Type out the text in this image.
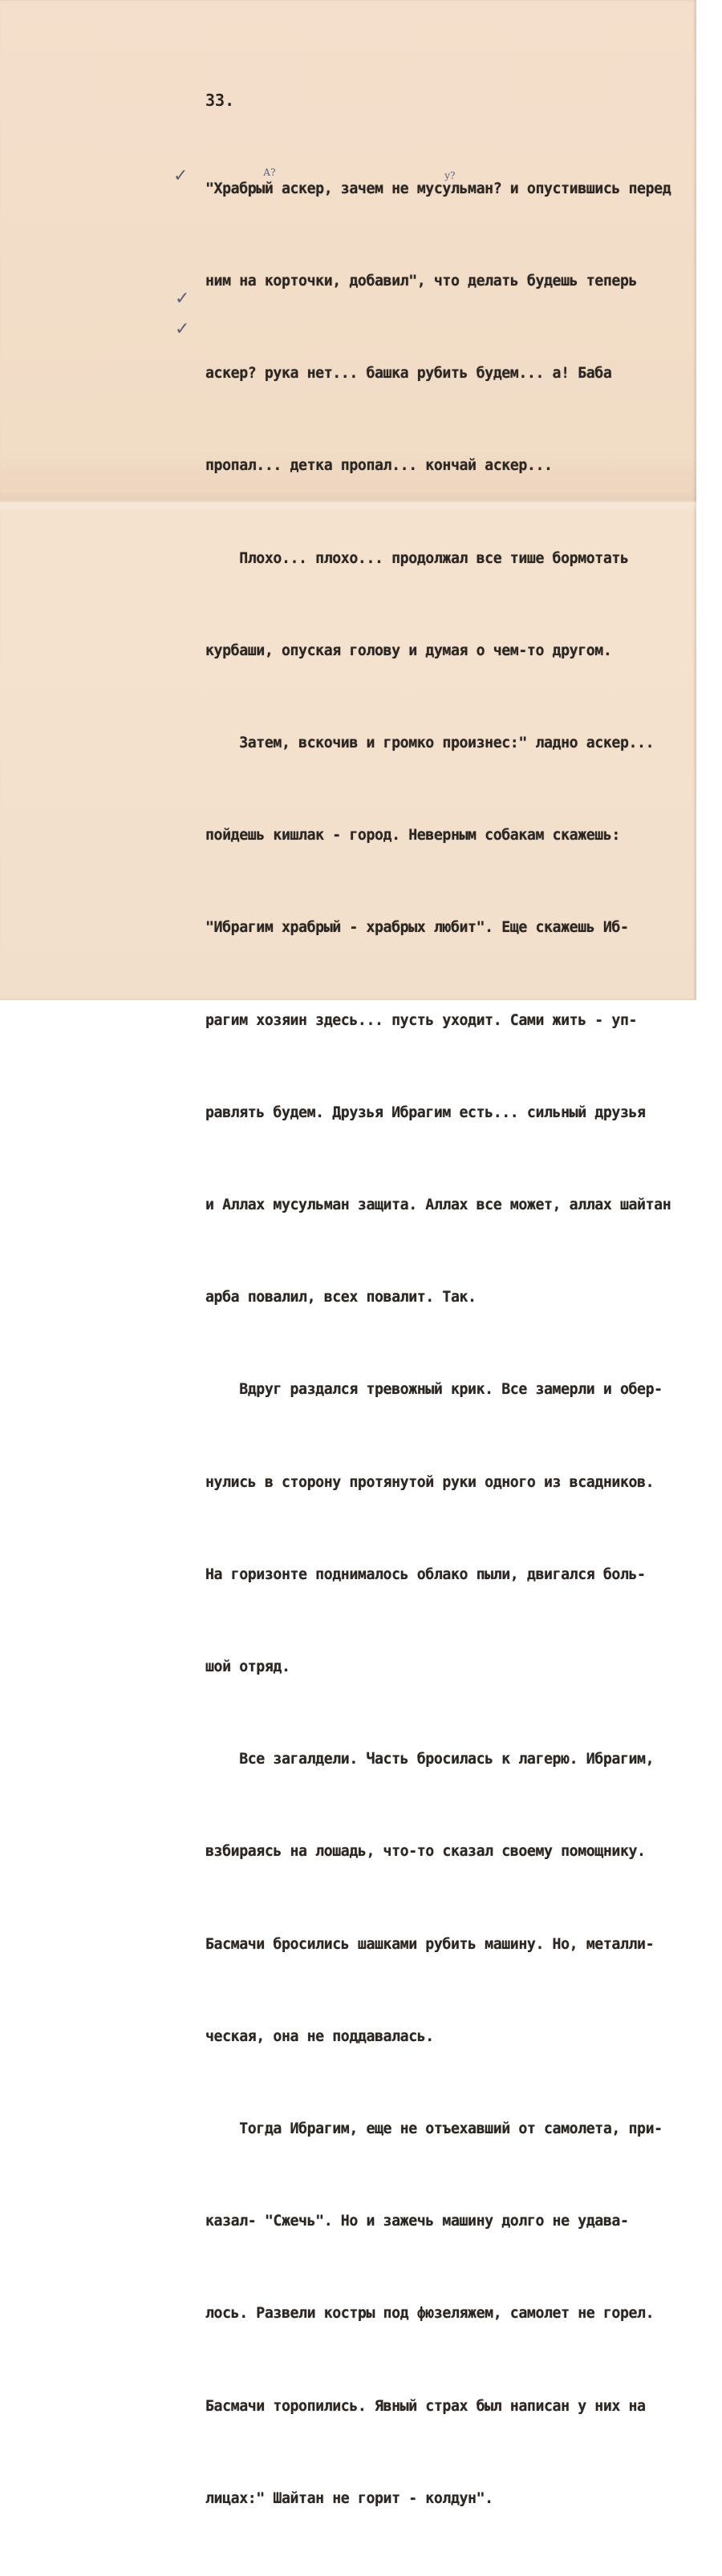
33.

"Храбрый аскер, зачем не мусульман? и опустившись перед

ним на корточки, добавил", что делать будешь теперь

аскер? рука нет... башка рубить будем... а! Баба

пропал... детка пропал... кончай аскер...

Плохо... плохо... продолжал все тише бормотать

курбаши, опуская голову и думая о чем-то другом.

Затем, вскочив и громко произнес:" ладно аскер...

пойдешь кишлак - город. Неверным собакам скажешь:

"Ибрагим храбрый - храбрых любит". Еще скажешь Иб-

рагим хозяин здесь... пусть уходит. Сами жить - уп-

равлять будем. Друзья Ибрагим есть... сильный друзья

и Аллах мусульман защита. Аллах все может, аллах шайтан

арба повалил, всех повалит. Так.

Вдруг раздался тревожный крик. Все замерли и обер-

нулись в сторону протянутой руки одного из всадников.

На горизонте поднималось облако пыли, двигался боль-

шой отряд.

Все загалдели. Часть бросилась к лагерю. Ибрагим,

взбираясь на лошадь, что-то сказал своему помощнику.

Басмачи бросились шашками рубить машину. Но, металли-

ческая, она не поддавалась.

Тогда Ибрагим, еще не отъехавший от самолета, при-

казал- "Сжечь". Но и зажечь машину долго не удава-

лось. Развели костры под фюзеляжем, самолет не горел.

Басмачи торопились. Явный страх был написан у них на

лицах:" Шайтан не горит - колдун".

✓
✓
✓
А?	у?
